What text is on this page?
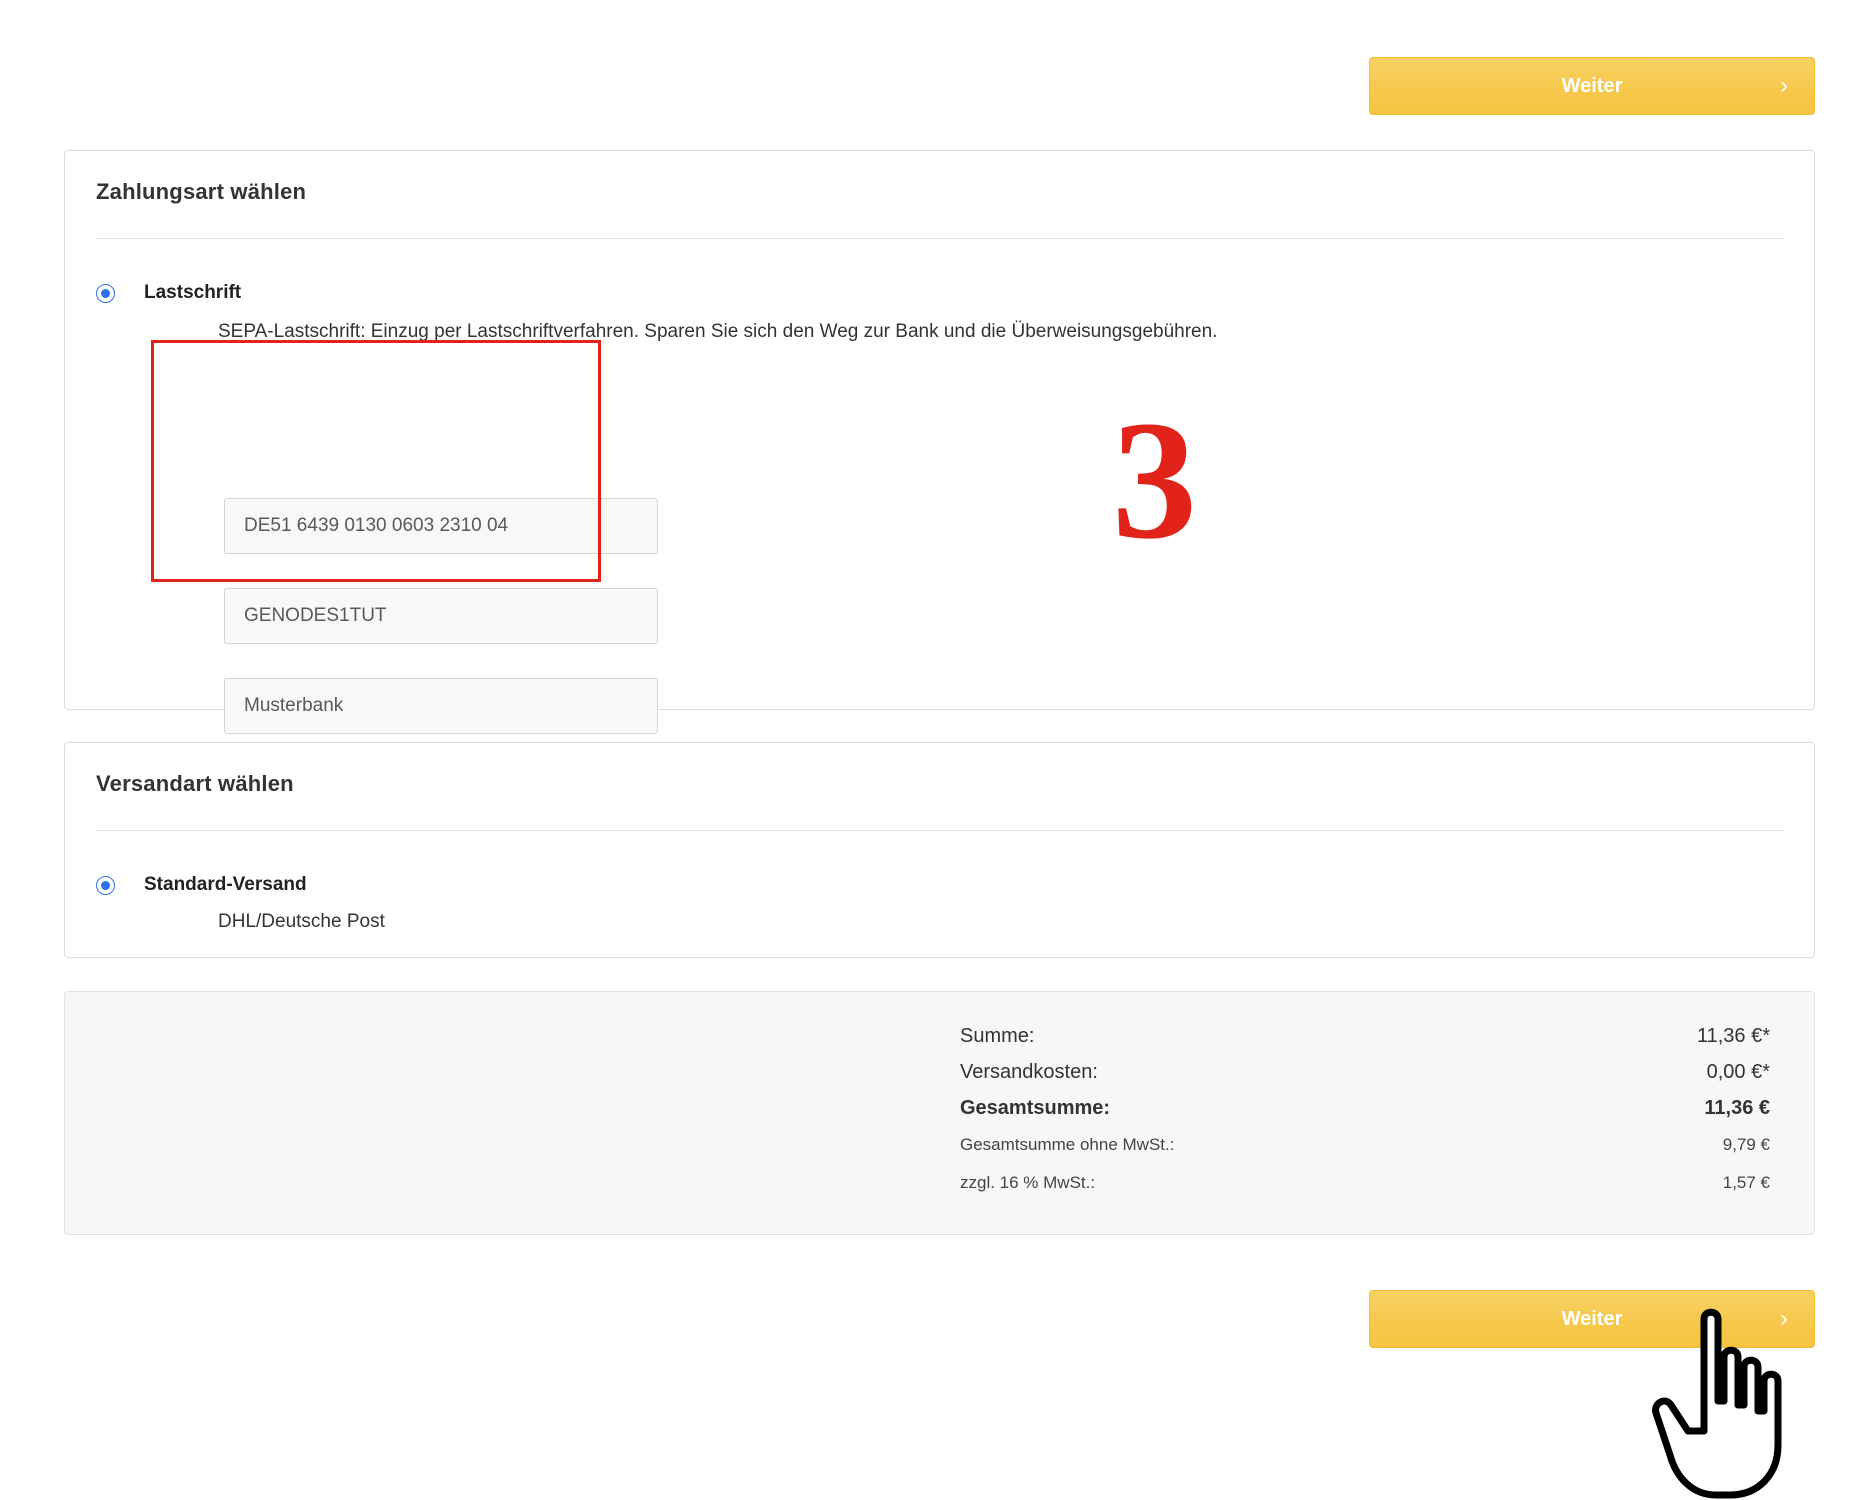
Weiter	›
Zahlungsart wählen
Lastschrift
SEPA-Lastschrift: Einzug per Lastschriftverfahren. Sparen Sie sich den Weg zur Bank und die Überweisungsgebühren.
DE51 6439 0130 0603 2310 04
GENODES1TUT
Musterbank
3
Versandart wählen
Standard-Versand
DHL/Deutsche Post
Summe:	11,36 €*
Versandkosten:	0,00 €*
Gesamtsumme:	11,36 €
Gesamtsumme ohne MwSt.:	9,79 €
zzgl. 16 % MwSt.:	1,57 €
Weiter	›
